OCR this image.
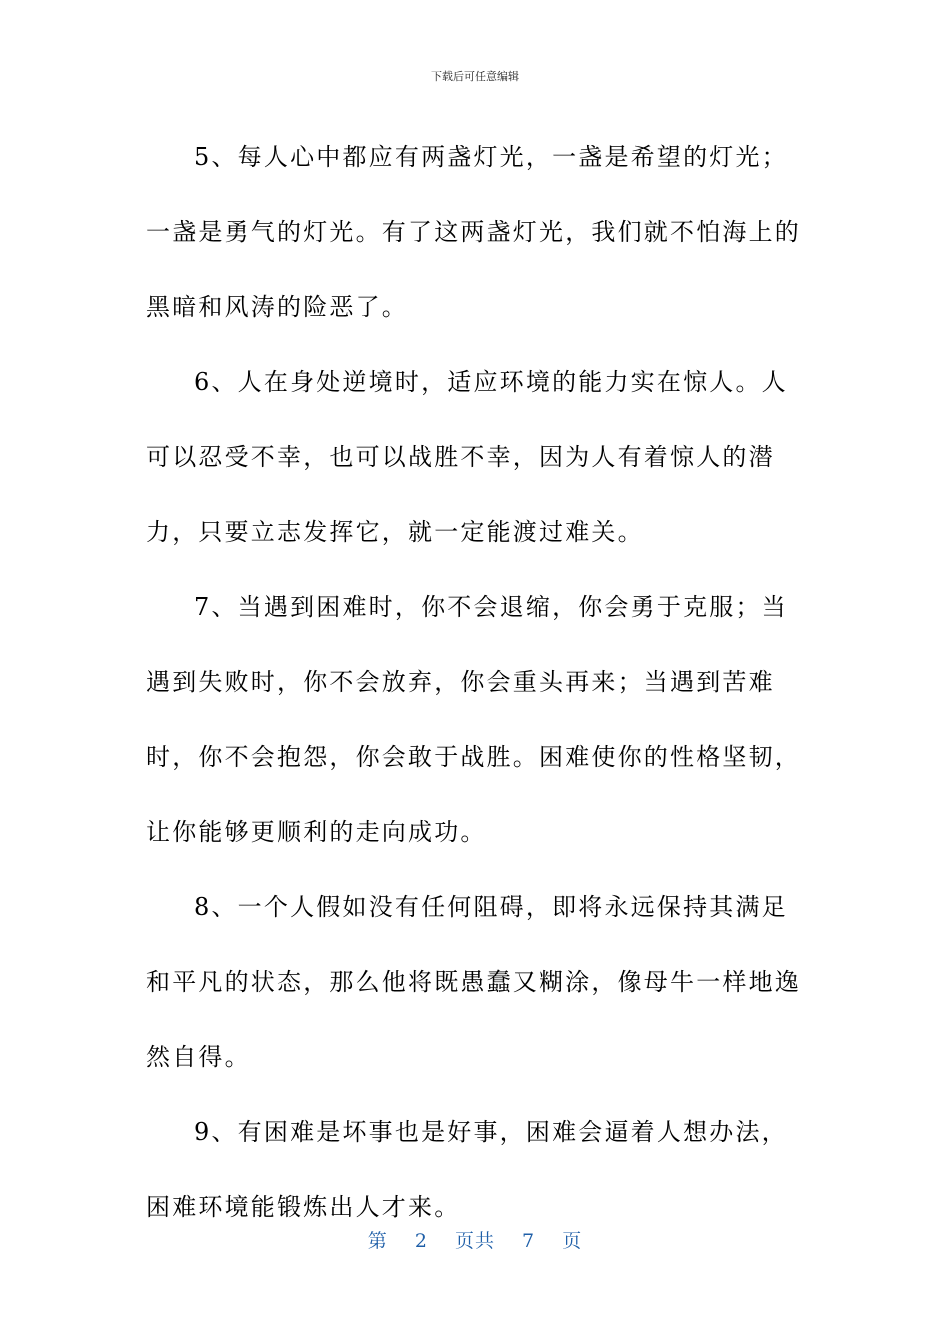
下载后可任意编辑

5、每人心中都应有两盏灯光，一盏是希望的灯光；一盏是勇气的灯光。有了这两盏灯光，我们就不怕海上的黑暗和风涛的险恶了。

6、人在身处逆境时，适应环境的能力实在惊人。人可以忍受不幸，也可以战胜不幸，因为人有着惊人的潜力，只要立志发挥它，就一定能渡过难关。

7、当遇到困难时，你不会退缩，你会勇于克服；当遇到失败时，你不会放弃，你会重头再来；当遇到苦难时，你不会抱怨，你会敢于战胜。困难使你的性格坚韧，让你能够更顺利的走向成功。

8、一个人假如没有任何阻碍，即将永远保持其满足和平凡的状态，那么他将既愚蠢又糊涂，像母牛一样地逸然自得。

9、有困难是坏事也是好事，困难会逼着人想办法，困难环境能锻炼出人才来。

第 2 页共 7 页
